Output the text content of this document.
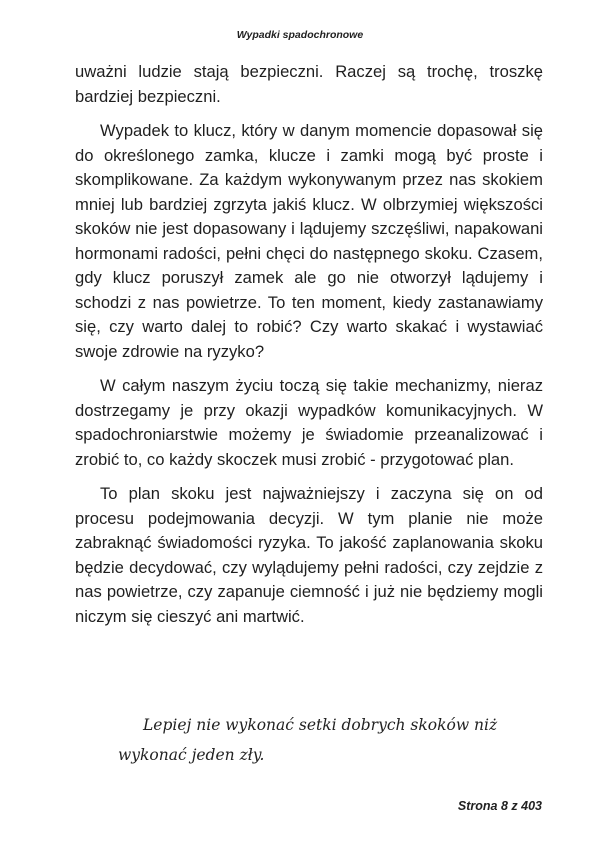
Wypadki spadochronowe

uważni ludzie stają bezpieczni. Raczej są trochę, troszkę bardziej bezpieczni.

Wypadek to klucz, który w danym momencie dopasował się do określonego zamka, klucze i zamki mogą być proste i skomplikowane. Za każdym wykonywanym przez nas skokiem mniej lub bardziej zgrzyta jakiś klucz. W olbrzymiej większości skoków nie jest dopasowany i lądujemy szczęśliwi, napakowani hormonami radości, pełni chęci do następnego skoku. Czasem, gdy klucz poruszył zamek ale go nie otworzył lądujemy i schodzi z nas powietrze. To ten moment, kiedy zastanawiamy się, czy warto dalej to robić? Czy warto skakać i wystawiać swoje zdrowie na ryzyko?

W całym naszym życiu toczą się takie mechanizmy, nieraz dostrzegamy je przy okazji wypadków komunikacyjnych. W spadochroniarstwie możemy je świadomie przeanalizować i zrobić to, co każdy skoczek musi zrobić - przygotować plan.

To plan skoku jest najważniejszy i zaczyna się on od procesu podejmowania decyzji. W tym planie nie może zabraknąć świadomości ryzyka. To jakość zaplanowania skoku będzie decydować, czy wylądujemy pełni radości, czy zejdzie z nas powietrze, czy zapanuje ciemność i już nie będziemy mogli niczym się cieszyć ani martwić.

Lepiej nie wykonać setki dobrych skoków niż
wykonać jeden zły.
Strona 8 z 403
